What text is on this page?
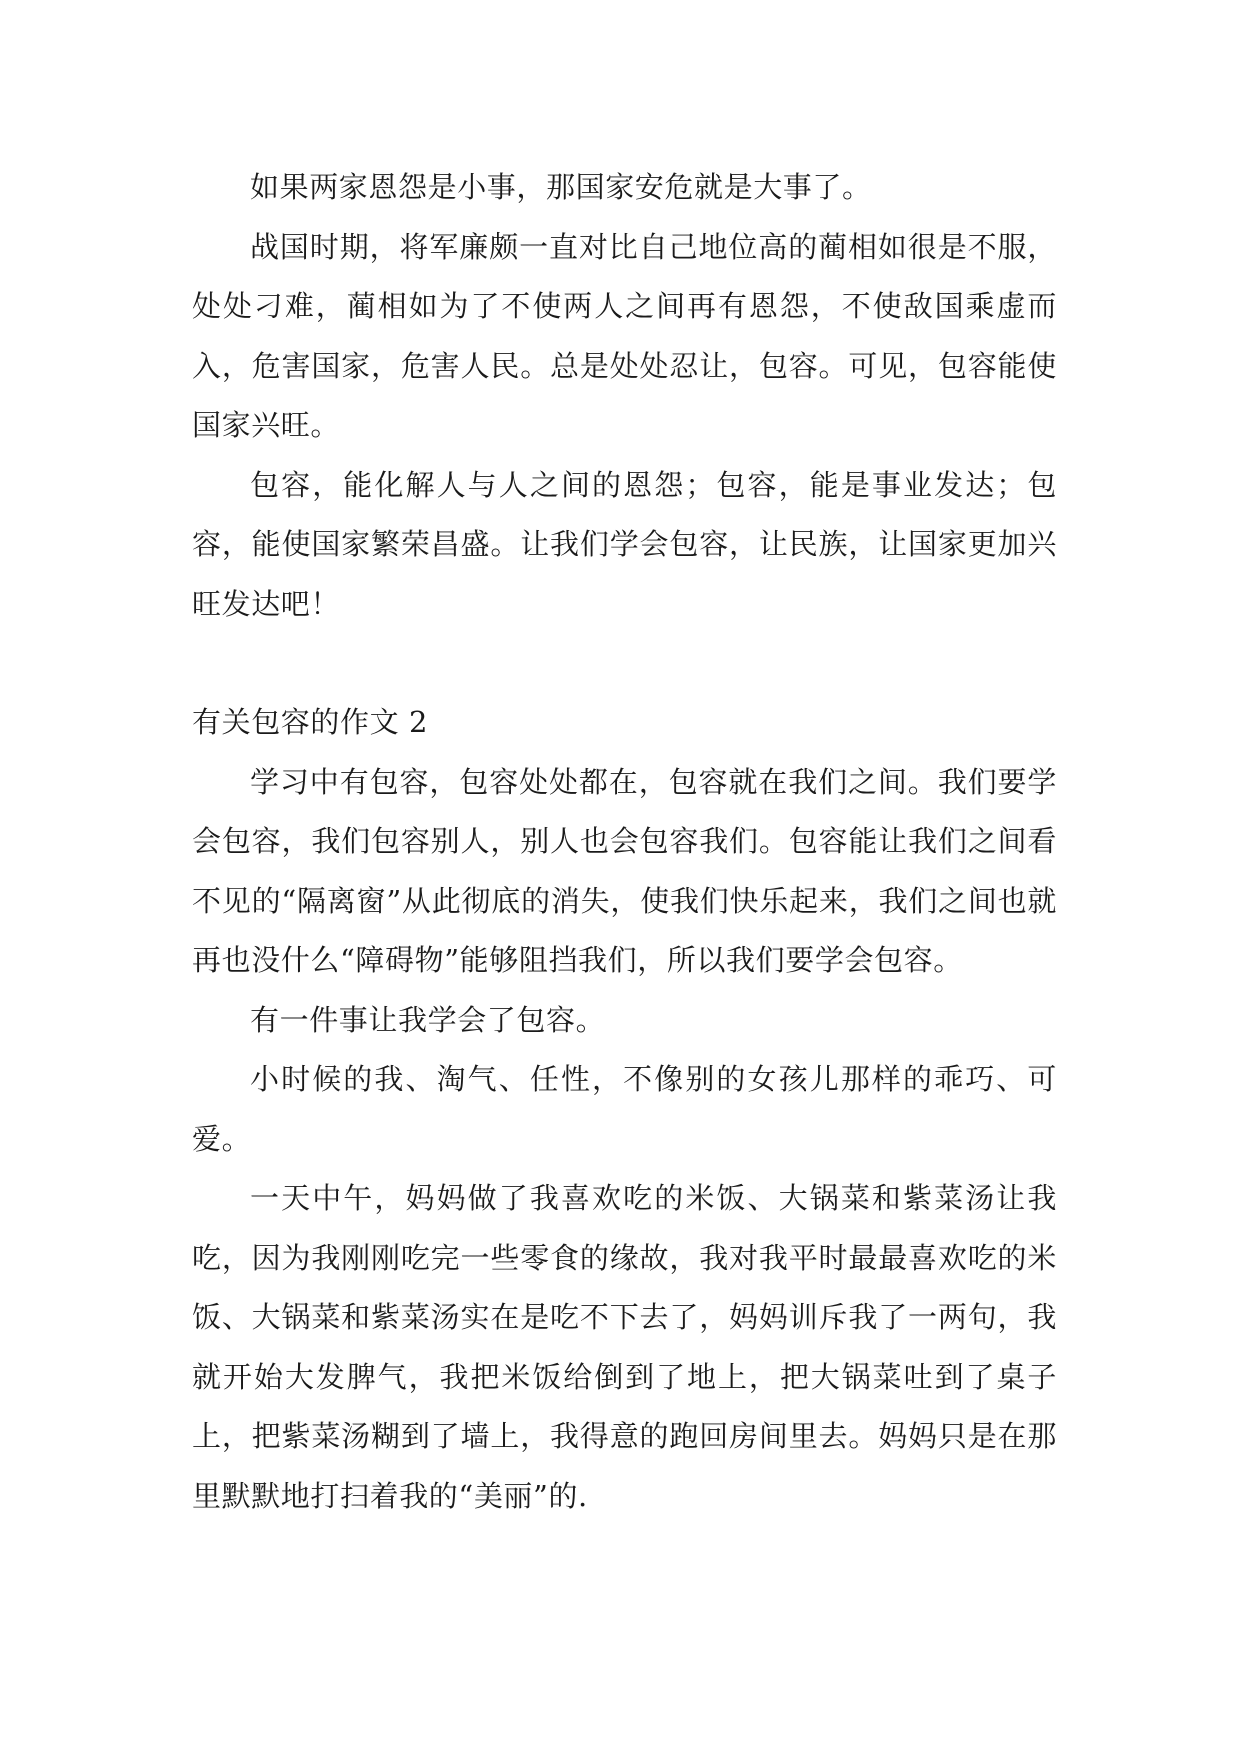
如果两家恩怨是小事，那国家安危就是大事了。

战国时期，将军廉颇一直对比自己地位高的蔺相如很是不服，处处刁难，蔺相如为了不使两人之间再有恩怨，不使敌国乘虚而入，危害国家，危害人民。总是处处忍让，包容。可见，包容能使国家兴旺。

包容，能化解人与人之间的恩怨；包容，能是事业发达；包容，能使国家繁荣昌盛。让我们学会包容，让民族，让国家更加兴旺发达吧！

有关包容的作文 2

学习中有包容，包容处处都在，包容就在我们之间。我们要学会包容，我们包容别人，别人也会包容我们。包容能让我们之间看不见的“隔离窗”从此彻底的消失，使我们快乐起来，我们之间也就再也没什么“障碍物”能够阻挡我们，所以我们要学会包容。

有一件事让我学会了包容。

小时候的我、淘气、任性，不像别的女孩儿那样的乖巧、可爱。

一天中午，妈妈做了我喜欢吃的米饭、大锅菜和紫菜汤让我吃，因为我刚刚吃完一些零食的缘故，我对我平时最最喜欢吃的米饭、大锅菜和紫菜汤实在是吃不下去了，妈妈训斥我了一两句，我就开始大发脾气，我把米饭给倒到了地上，把大锅菜吐到了桌子上，把紫菜汤糊到了墙上，我得意的跑回房间里去。妈妈只是在那里默默地打扫着我的“美丽”的.
